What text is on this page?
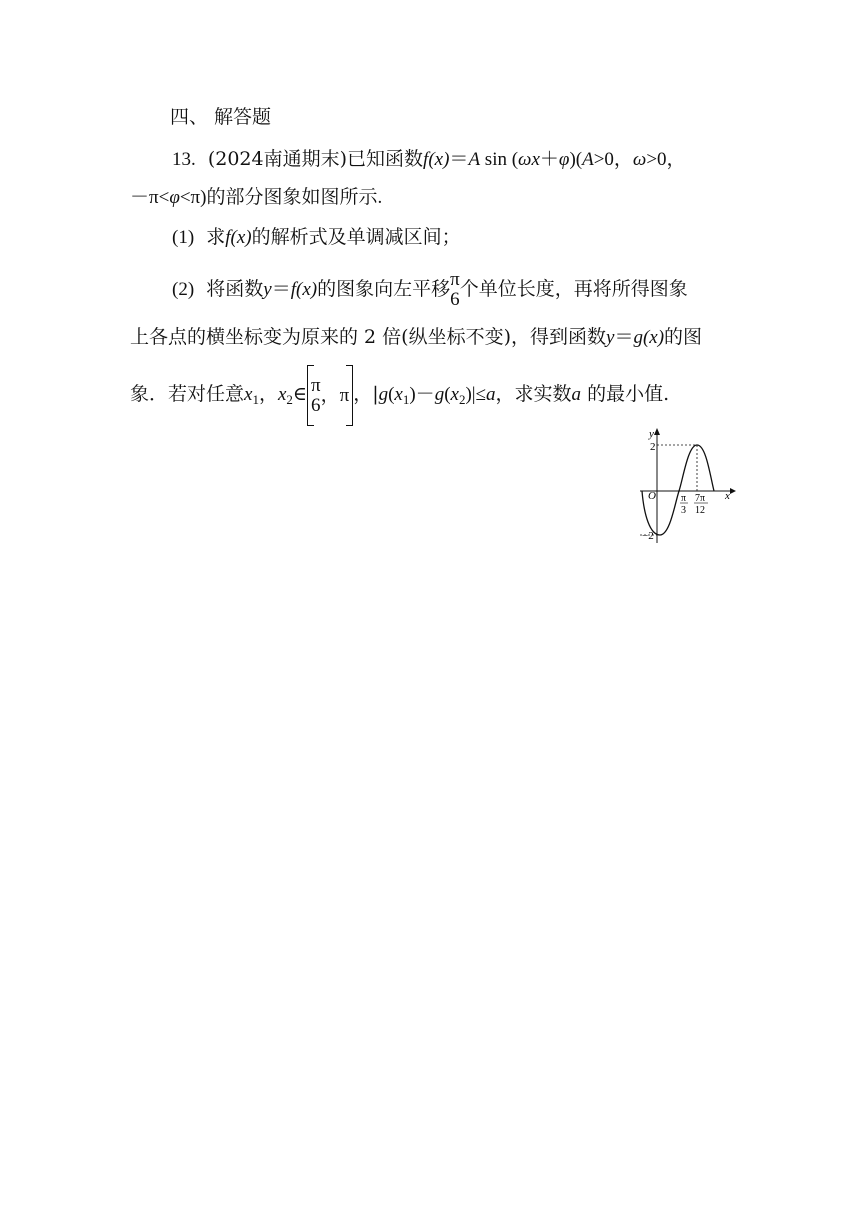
四、 解答题
13. (2024南通期末)已知函数f(x)＝A sin (ωx＋φ)(A>0，ω>0，
－π<φ<π)的部分图象如图所示.
(1) 求f(x)的解析式及单调减区间；
(2) 将函数y＝f(x)的图象向左平移 π
6 个单位长度，再将所得图象
上各点的横坐标变为原来的 2 倍(纵坐标不变)，得到函数y＝g(x)的图
象．若对任意$x_1$，$x_2\in$ π
6 ，π ，$|g(x_1)-g(x_2)|\le a$，求实数a 的最小值.
y
x
O
2
−2
π
3
7π
12
